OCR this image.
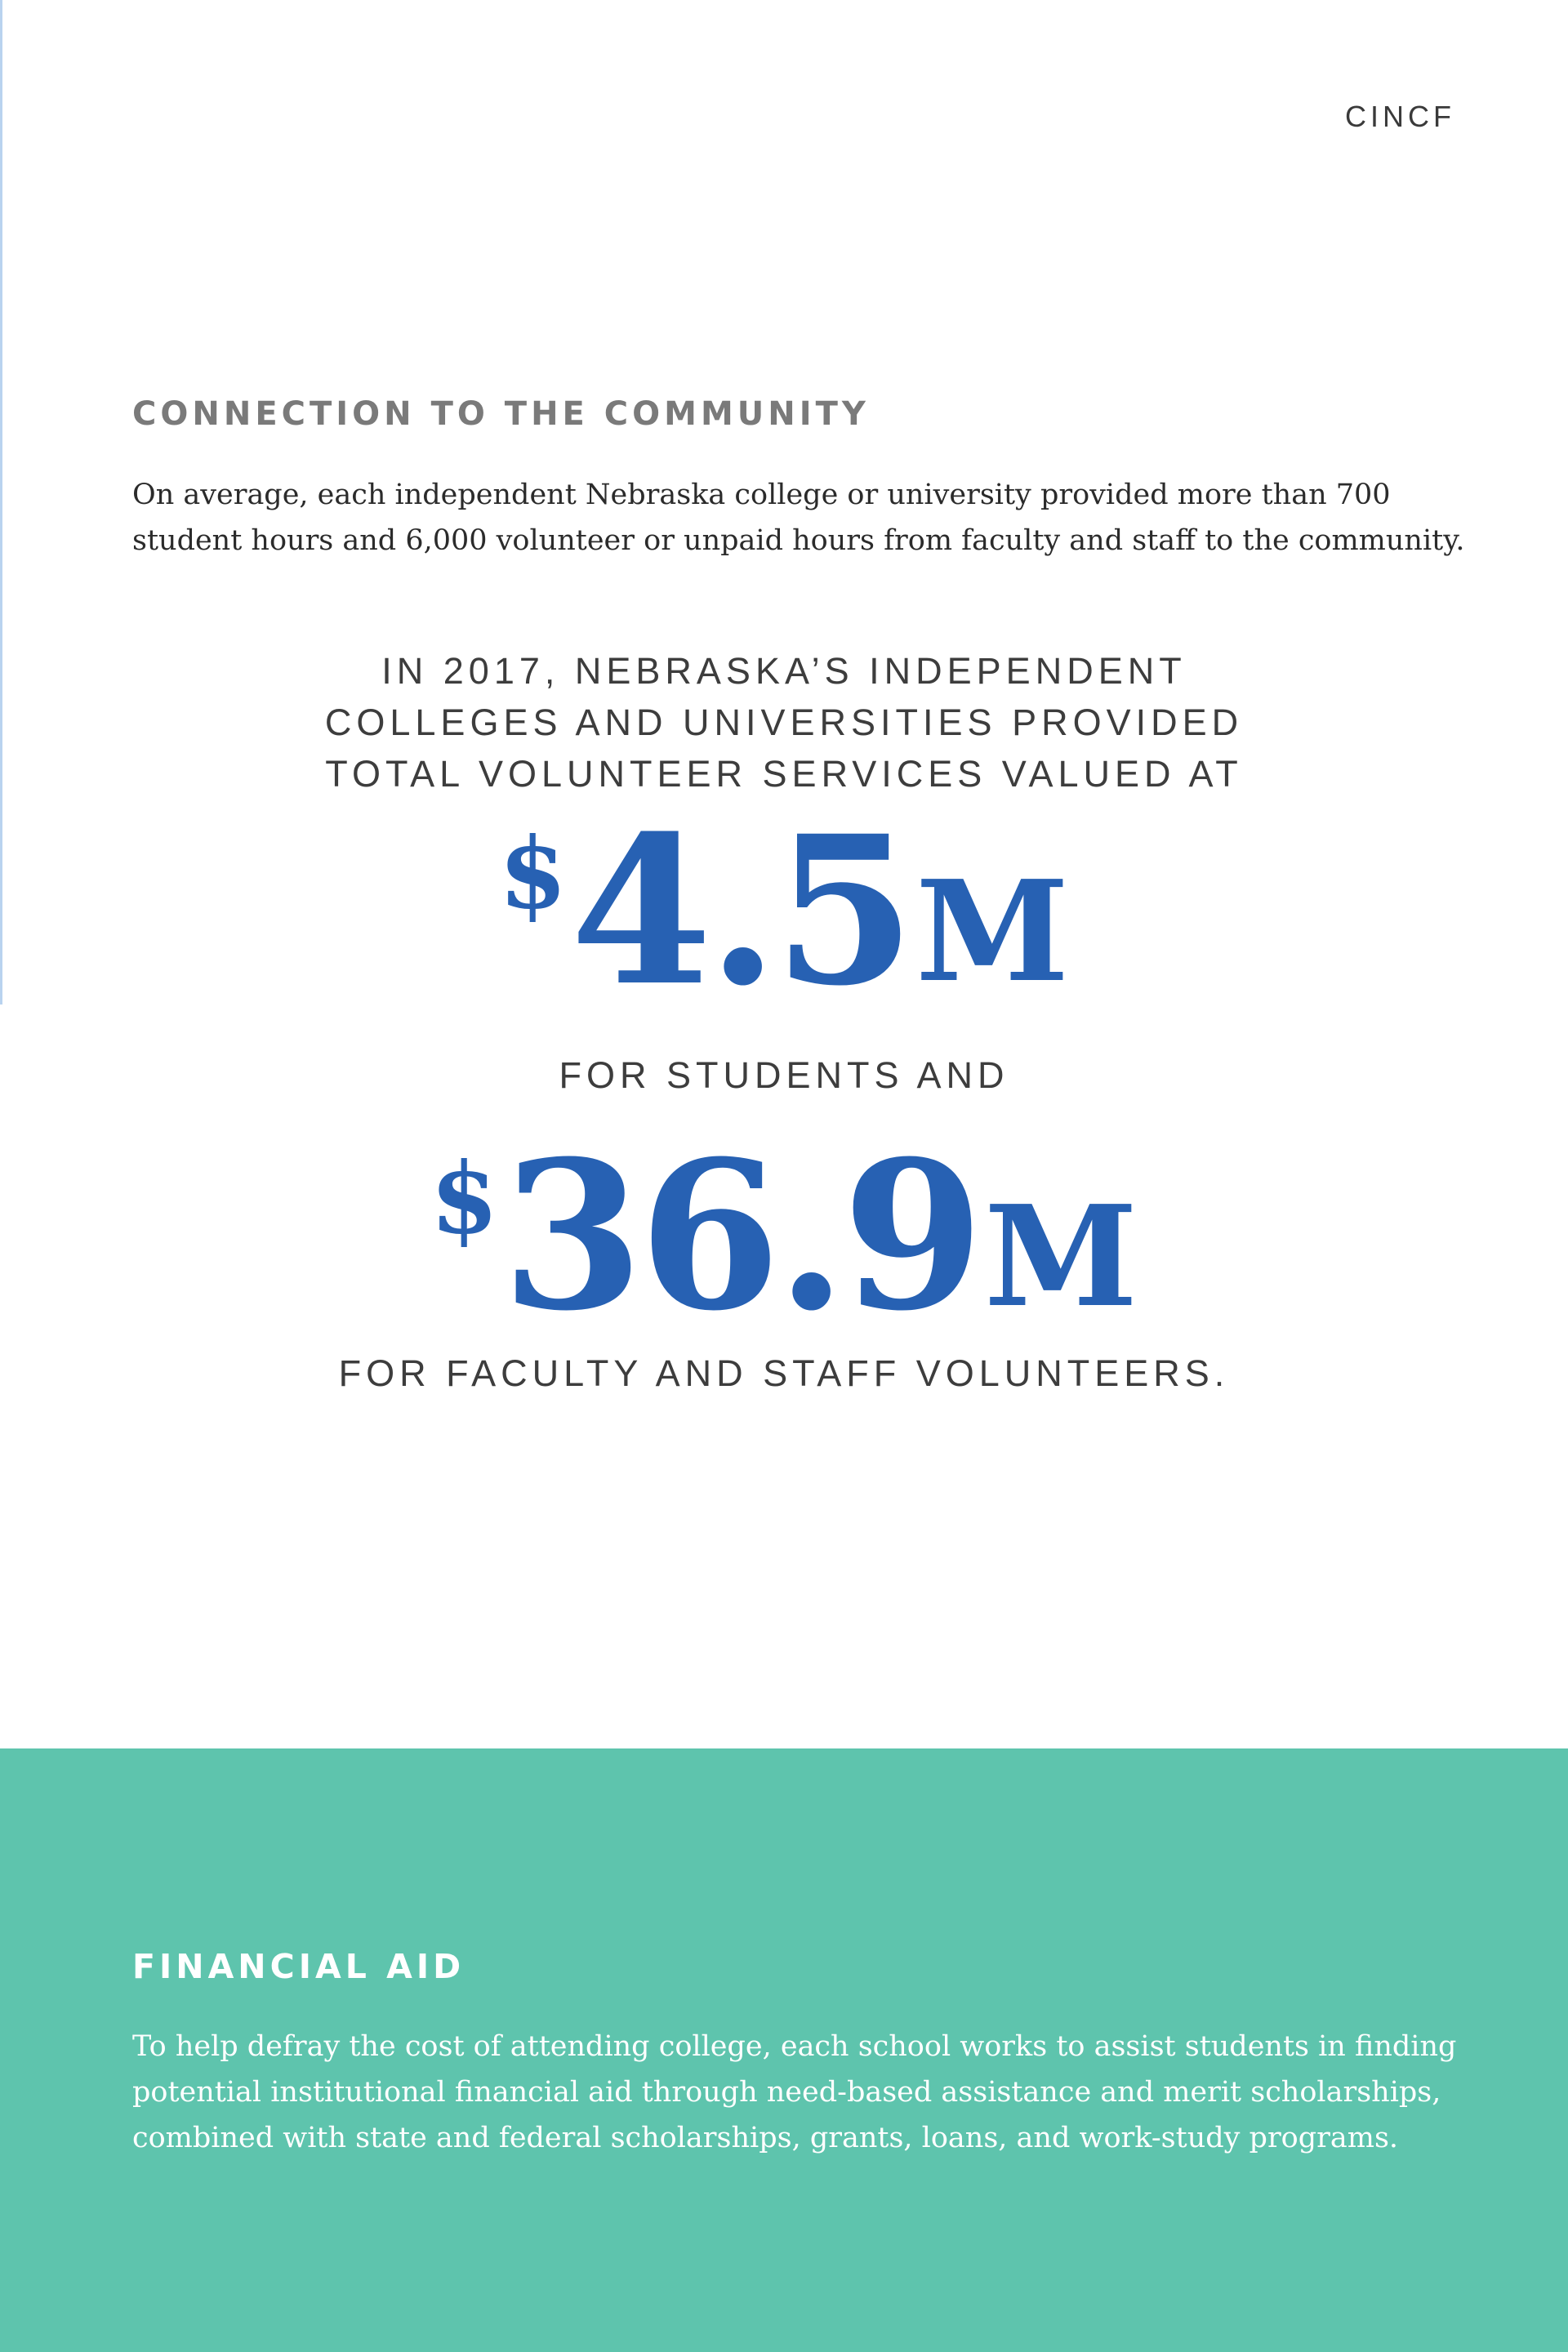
CINCF
CONNECTION TO THE COMMUNITY

On average, each independent Nebraska college or university provided more than 700 student hours and 6,000 volunteer or unpaid hours from faculty and staff to the community.

IN 2017, NEBRASKA’S INDEPENDENT
COLLEGES AND UNIVERSITIES PROVIDED
TOTAL VOLUNTEER SERVICES VALUED AT
$4.5M
FOR STUDENTS AND
$36.9M
FOR FACULTY AND STAFF VOLUNTEERS.
FINANCIAL AID

To help defray the cost of attending college, each school works to assist students in finding potential institutional financial aid through need-based assistance and merit scholarships, combined with state and federal scholarships, grants, loans, and work-study programs.
